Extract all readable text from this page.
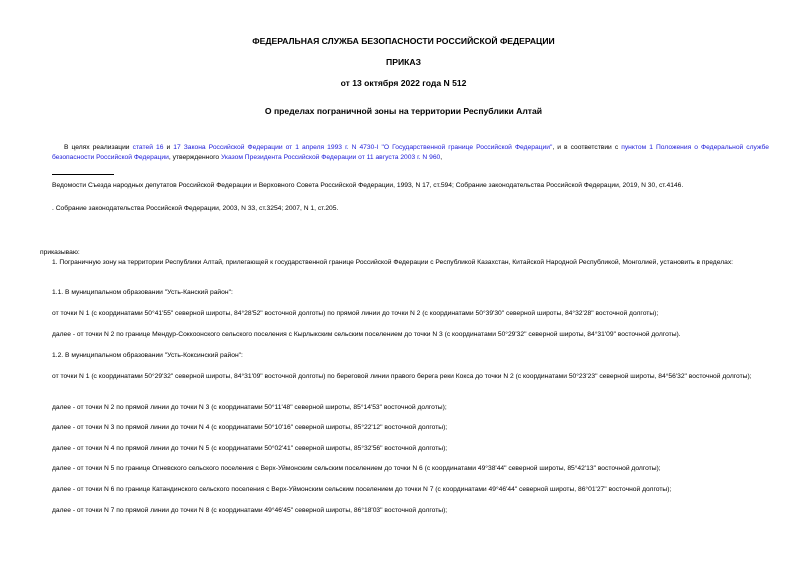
ФЕДЕРАЛЬНАЯ СЛУЖБА БЕЗОПАСНОСТИ РОССИЙСКОЙ ФЕДЕРАЦИИ
ПРИКАЗ
от 13 октября 2022 года N 512
О пределах пограничной зоны на территории Республики Алтай
В целях реализации статей 16 и 17 Закона Российской Федерации от 1 апреля 1993 г. N 4730-I "О Государственной границе Российской Федерации", и в соответствии с пунктом 1 Положения о Федеральной службе безопасности Российской Федерации, утвержденного Указом Президента Российской Федерации от 11 августа 2003 г. N 960,
Ведомости Съезда народных депутатов Российской Федерации и Верховного Совета Российской Федерации, 1993, N 17, ст.594; Собрание законодательства Российской Федерации, 2019, N 30, ст.4146.
. Собрание законодательства Российской Федерации, 2003, N 33, ст.3254; 2007, N 1, ст.205.
приказываю:
1. Пограничную зону на территории Республики Алтай, прилегающей к государственной границе Российской Федерации с Республикой Казахстан, Китайской Народной Республикой, Монголией, установить в пределах:
1.1. В муниципальном образовании "Усть-Канский район":
от точки N 1 (с координатами 50°41'55" северной широты, 84°28'52" восточной долготы) по прямой линии до точки N 2 (с координатами 50°39'30" северной широты, 84°32'28" восточной долготы);
далее - от точки N 2 по границе Мендур-Соккоонского сельского поселения с Кырлыкским сельским поселением до точки N 3 (с координатами 50°29'32" северной широты, 84°31'09" восточной долготы).
1.2. В муниципальном образовании "Усть-Коксинский район":
от точки N 1 (с координатами 50°29'32" северной широты, 84°31'09" восточной долготы) по береговой линии правого берега реки Кокса до точки N 2 (с координатами 50°23'23" северной широты, 84°56'32" восточной долготы);
далее - от точки N 2 по прямой линии до точки N 3 (с координатами 50°11'48" северной широты, 85°14'53" восточной долготы);
далее - от точки N 3 по прямой линии до точки N 4 (с координатами 50°10'16" северной широты, 85°22'12" восточной долготы);
далее - от точки N 4 по прямой линии до точки N 5 (с координатами 50°02'41" северной широты, 85°32'56" восточной долготы);
далее - от точки N 5 по границе Огневского сельского поселения с Верх-Уймонским сельским поселением до точки N 6 (с координатами 49°38'44" северной широты, 85°42'13" восточной долготы);
далее - от точки N 6 по границе Катандинского сельского поселения с Верх-Уймонским сельским поселением до точки N 7 (с координатами 49°46'44" северной широты, 86°01'27" восточной долготы);
далее - от точки N 7 по прямой линии до точки N 8 (с координатами 49°46'45" северной широты, 86°18'03" восточной долготы);
